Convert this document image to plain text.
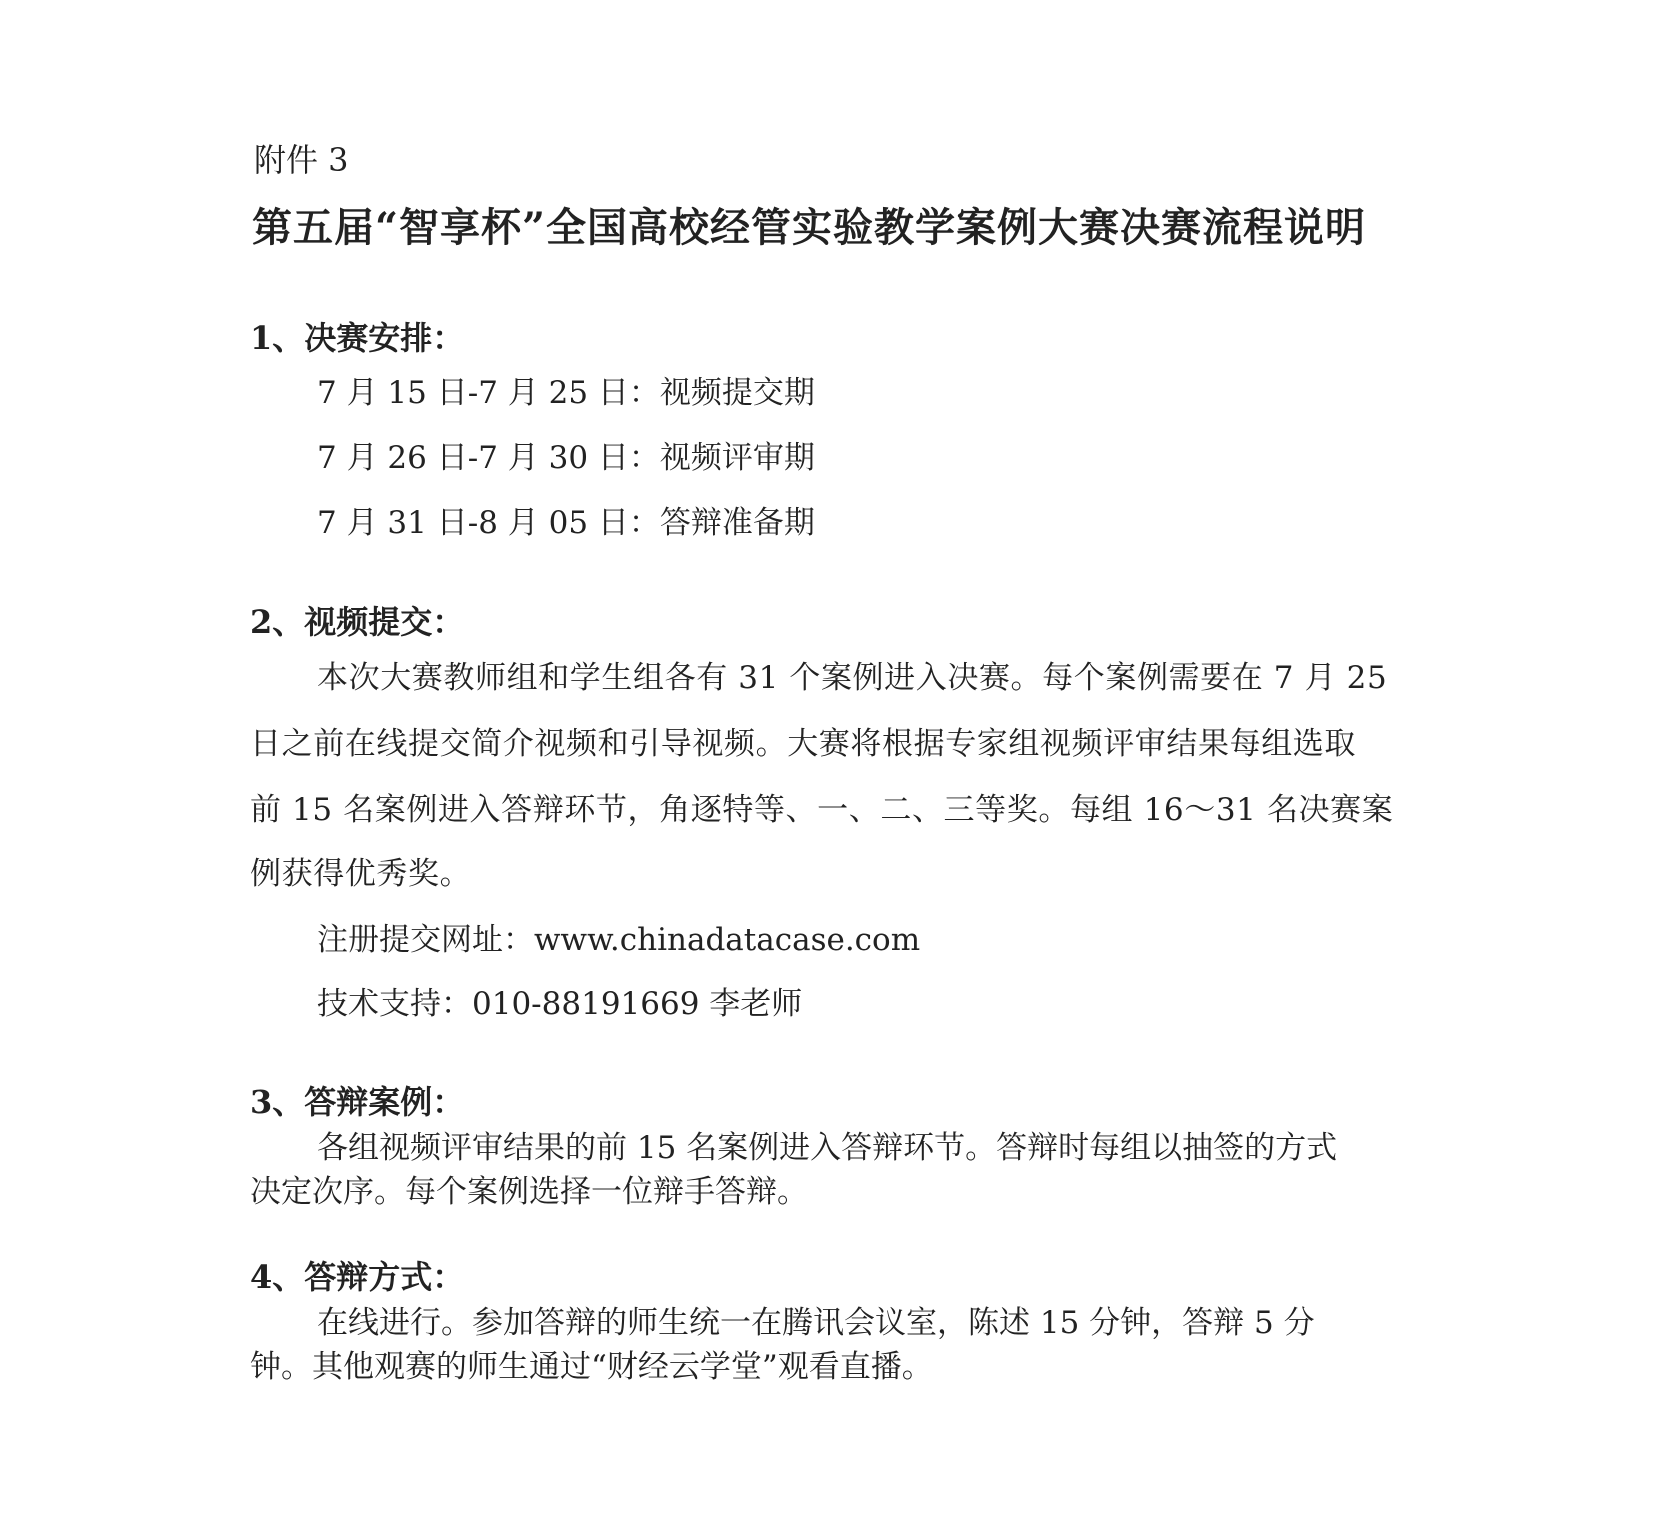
附件 3
第五届“智享杯”全国高校经管实验教学案例大赛决赛流程说明
1、决赛安排：
7 月 15 日-7 月 25 日：视频提交期
7 月 26 日-7 月 30 日：视频评审期
7 月 31 日-8 月 05 日：答辩准备期
2、视频提交：
本次大赛教师组和学生组各有 31 个案例进入决赛。每个案例需要在 7 月 25
日之前在线提交简介视频和引导视频。大赛将根据专家组视频评审结果每组选取
前 15 名案例进入答辩环节，角逐特等、一、二、三等奖。每组 16～31 名决赛案
例获得优秀奖。
注册提交网址：www.chinadatacase.com
技术支持：010-88191669 李老师
3、答辩案例：
各组视频评审结果的前 15 名案例进入答辩环节。答辩时每组以抽签的方式
决定次序。每个案例选择一位辩手答辩。
4、答辩方式：
在线进行。参加答辩的师生统一在腾讯会议室，陈述 15 分钟，答辩 5 分
钟。其他观赛的师生通过“财经云学堂”观看直播。
